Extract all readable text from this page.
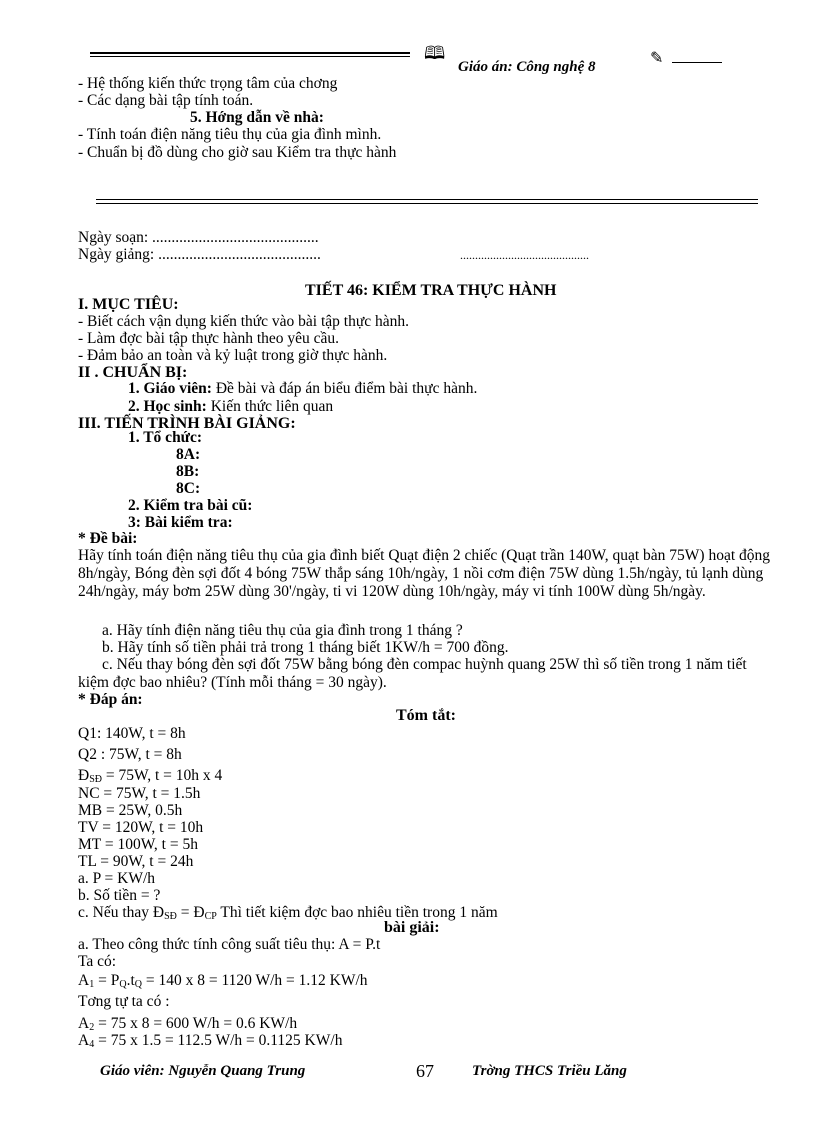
🕮
Giáo án: Công nghệ 8	✎
- Hệ thống kiến thức trọng tâm của chơng
- Các dạng bài tập tính toán.
5. Hớng dẫn về nhà:
- Tính toán điện năng tiêu thụ của gia đình mình.
- Chuẩn bị đồ dùng cho giờ sau Kiểm tra thực hành
Ngày soạn: ...........................................
Ngày giảng: ..........................................	...........................................
TIẾT 46: KIỂM TRA THỰC HÀNH
I. MỤC TIÊU:
- Biết cách vận dụng kiến thức vào bài tập thực hành.
- Làm đợc bài tập thực hành theo yêu cầu.
- Đảm bảo an toàn và kỷ luật trong giờ thực hành.
II . CHUẨN BỊ:
1. Giáo viên: Đề bài và đáp án biểu điểm bài thực hành.
2. Học sinh: Kiến thức liên quan
III. TIẾN TRÌNH BÀI GIẢNG:
1. Tổ chức:
8A:
8B:
8C:
2. Kiểm tra bài cũ:
3: Bài kiểm tra:
* Đề bài:
Hãy tính toán điện năng tiêu thụ của gia đình biết Quạt điện 2 chiếc (Quạt trần 140W, quạt bàn 75W) hoạt động 8h/ngày, Bóng đèn sợi đốt 4 bóng 75W thắp sáng 10h/ngày, 1 nồi cơm điện 75W dùng 1.5h/ngày, tủ lạnh dùng 24h/ngày, máy bơm 25W dùng 30'/ngày, ti vi 120W dùng 10h/ngày, máy vi tính 100W dùng 5h/ngày.
a. Hãy tính điện năng tiêu thụ của gia đình trong 1 tháng ?
b. Hãy tính số tiền phải trả trong 1 tháng biết 1KW/h = 700 đồng.
c. Nếu thay bóng đèn sợi đốt 75W bằng bóng đèn compac huỳnh quang 25W thì số tiền trong 1 năm tiết kiệm đợc bao nhiêu? (Tính mỗi tháng = 30 ngày).
* Đáp án:
Tóm tắt:
Q1: 140W, t = 8h
Q2 : 75W, t = 8h
$Đ_{SĐ} = 75W$, t = 10h x 4
NC = 75W, t = 1.5h
MB = 25W, 0.5h
TV = 120W, t = 10h
MT = 100W, t = 5h
TL = 90W, t = 24h
a. P = KW/h
b. Số tiền = ?
c. Nếu thay $Đ_{SĐ}$ = $Đ_{CP}$ Thì tiết kiệm đợc bao nhiêu tiền trong 1 năm
bài giải:
a. Theo công thức tính công suất tiêu thụ: A = P.t
Ta có:
$A_1 = P_Q.t_Q = 140$ x 8 = 1120 W/h = 1.12 KW/h
Tơng tự ta có :
$A_2 = 75$ x 8 = 600 W/h = 0.6 KW/h
$A_4 = 75$ x 1.5 = 112.5 W/h = 0.1125 KW/h
Giáo viên: Nguyễn Quang Trung	67	Trờng THCS Triều Lăng
